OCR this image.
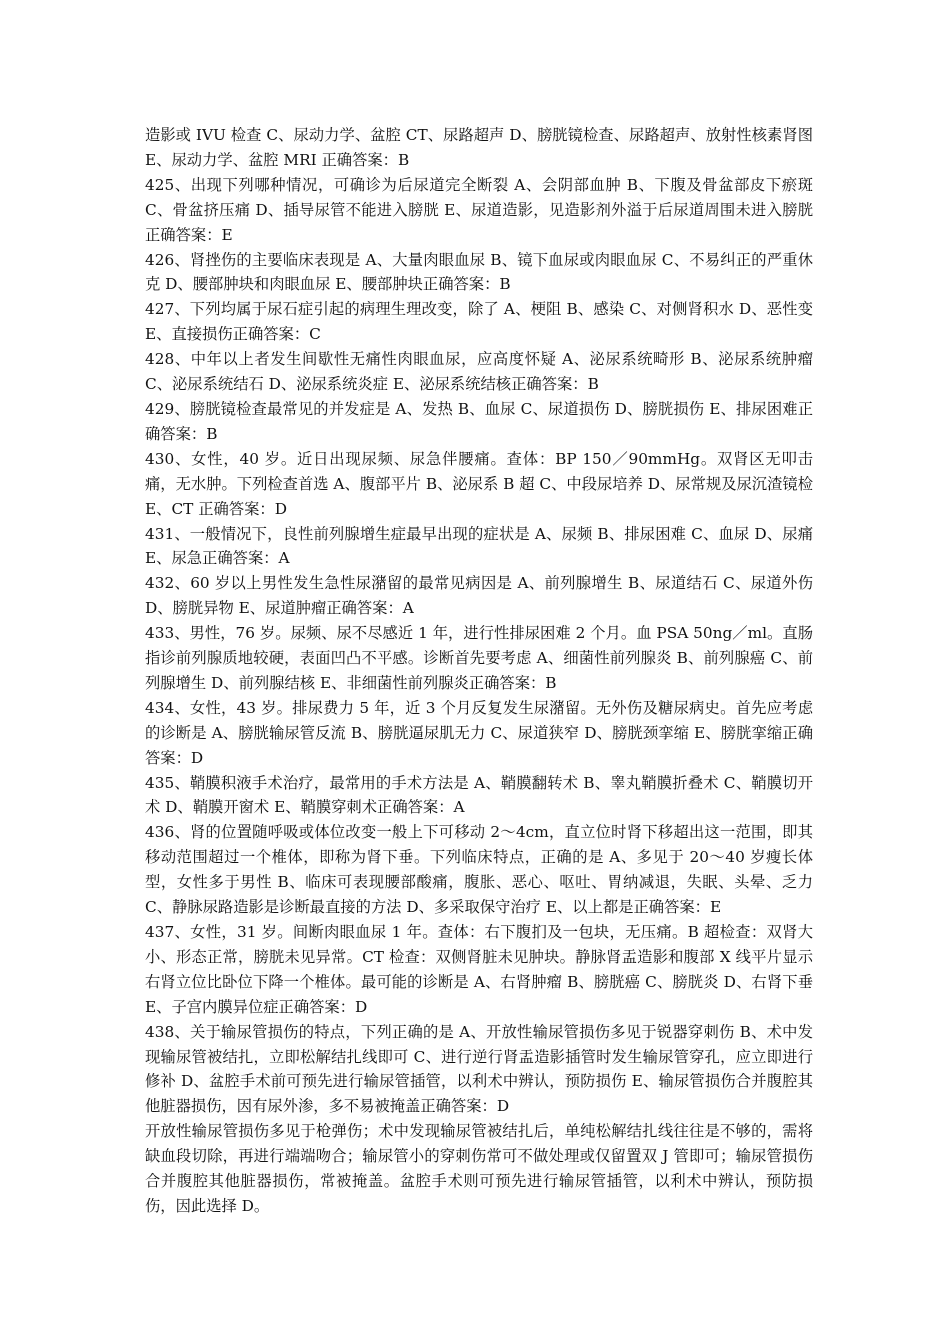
造影或 IVU 检查 C、尿动力学、盆腔 CT、尿路超声 D、膀胱镜检查、尿路超声、放射性核素肾图 E、尿动力学、盆腔 MRI 正确答案：B

425、出现下列哪种情况，可确诊为后尿道完全断裂 A、会阴部血肿 B、下腹及骨盆部皮下瘀斑 C、骨盆挤压痛 D、插导尿管不能进入膀胱 E、尿道造影，见造影剂外溢于后尿道周围未进入膀胱正确答案：E

426、肾挫伤的主要临床表现是 A、大量肉眼血尿 B、镜下血尿或肉眼血尿 C、不易纠正的严重休克 D、腰部肿块和肉眼血尿 E、腰部肿块正确答案：B

427、下列均属于尿石症引起的病理生理改变，除了 A、梗阻 B、感染 C、对侧肾积水 D、恶性变 E、直接损伤正确答案：C

428、中年以上者发生间歇性无痛性肉眼血尿，应高度怀疑 A、泌尿系统畸形 B、泌尿系统肿瘤 C、泌尿系统结石 D、泌尿系统炎症 E、泌尿系统结核正确答案：B

429、膀胱镜检查最常见的并发症是 A、发热 B、血尿 C、尿道损伤 D、膀胱损伤 E、排尿困难正确答案：B

430、女性，40 岁。近日出现尿频、尿急伴腰痛。查体：BP 150／90mmHg。双肾区无叩击痛，无水肿。下列检查首选 A、腹部平片 B、泌尿系 B 超 C、中段尿培养 D、尿常规及尿沉渣镜检 E、CT 正确答案：D

431、一般情况下，良性前列腺增生症最早出现的症状是 A、尿频 B、排尿困难 C、血尿 D、尿痛 E、尿急正确答案：A

432、60 岁以上男性发生急性尿潴留的最常见病因是 A、前列腺增生 B、尿道结石 C、尿道外伤 D、膀胱异物 E、尿道肿瘤正确答案：A

433、男性，76 岁。尿频、尿不尽感近 1 年，进行性排尿困难 2 个月。血 PSA 50ng／ml。直肠指诊前列腺质地较硬，表面凹凸不平感。诊断首先要考虑 A、细菌性前列腺炎 B、前列腺癌 C、前列腺增生 D、前列腺结核 E、非细菌性前列腺炎正确答案：B

434、女性，43 岁。排尿费力 5 年，近 3 个月反复发生尿潴留。无外伤及糖尿病史。首先应考虑的诊断是 A、膀胱输尿管反流 B、膀胱逼尿肌无力 C、尿道狭窄 D、膀胱颈挛缩 E、膀胱挛缩正确答案：D

435、鞘膜积液手术治疗，最常用的手术方法是 A、鞘膜翻转术 B、睾丸鞘膜折叠术 C、鞘膜切开术 D、鞘膜开窗术 E、鞘膜穿刺术正确答案：A

436、肾的位置随呼吸或体位改变一般上下可移动 2～4cm，直立位时肾下移超出这一范围，即其移动范围超过一个椎体，即称为肾下垂。下列临床特点，正确的是 A、多见于 20～40 岁瘦长体型，女性多于男性 B、临床可表现腰部酸痛，腹胀、恶心、呕吐、胃纳减退，失眠、头晕、乏力 C、静脉尿路造影是诊断最直接的方法 D、多采取保守治疗 E、以上都是正确答案：E

437、女性，31 岁。间断肉眼血尿 1 年。查体：右下腹扪及一包块，无压痛。B 超检查：双肾大小、形态正常，膀胱未见异常。CT 检查：双侧肾脏未见肿块。静脉肾盂造影和腹部 X 线平片显示右肾立位比卧位下降一个椎体。最可能的诊断是 A、右肾肿瘤 B、膀胱癌 C、膀胱炎 D、右肾下垂 E、子宫内膜异位症正确答案：D

438、关于输尿管损伤的特点，下列正确的是 A、开放性输尿管损伤多见于锐器穿刺伤 B、术中发现输尿管被结扎，立即松解结扎线即可 C、进行逆行肾盂造影插管时发生输尿管穿孔，应立即进行修补 D、盆腔手术前可预先进行输尿管插管，以利术中辨认，预防损伤 E、输尿管损伤合并腹腔其他脏器损伤，因有尿外渗，多不易被掩盖正确答案：D

开放性输尿管损伤多见于枪弹伤；术中发现输尿管被结扎后，单纯松解结扎线往往是不够的，需将缺血段切除，再进行端端吻合；输尿管小的穿刺伤常可不做处理或仅留置双 J 管即可；输尿管损伤合并腹腔其他脏器损伤，常被掩盖。盆腔手术则可预先进行输尿管插管，以利术中辨认，预防损伤，因此选择 D。
